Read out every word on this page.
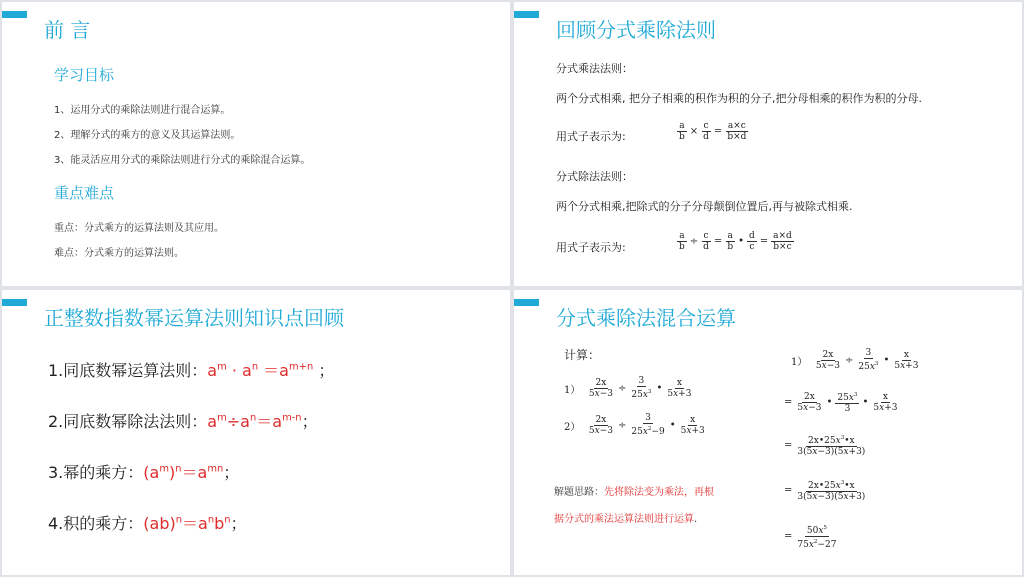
前 言
学习目标
1、运用分式的乘除法则进行混合运算。
2、理解分式的乘方的意义及其运算法则。
3、能灵活应用分式的乘除法则进行分式的乘除混合运算。
重点难点
重点：分式乘方的运算法则及其应用。
难点：分式乘方的运算法则。
回顾分式乘除法则
分式乘法法则：
两个分式相乘, 把分子相乘的积作为积的分子,把分母相乘的积作为积的分母.
用式子表示为:	$\frac{a}{b} \times \frac{c}{d} = \frac{a\times c}{b\times d}$
分式除法法则：
两个分式相乘,把除式的分子分母颠倒位置后,再与被除式相乘.
用式子表示为:	$\frac{a}{b} \div \frac{c}{d} = \frac{a}{b}$ • $\frac{d}{c} = \frac{a\times d}{b\times c}$
正整数指数幂运算法则知识点回顾
1.同底数幂运算法则：$a^m \cdot a^n =a^{m+n}$ ；
2.同底数幂除法法则：$a^m\div a^n=a^{m-n}$；
3.幂的乘方：$(a^m)^n=a^{mn}$；
4.积的乘方：$(ab)^n=a^nb^n$；
分式乘除法混合运算
计算：
$1) \frac{2x}{5x-3} \div \frac{3}{25x^3}$ • $\frac{x}{5x+3}$
$2) \frac{2x}{5x-3} \div \frac{3}{25x^2-9}$ • $\frac{x}{5x+3}$
解题思路：先将除法变为乘法，再根
据分式的乘法运算法则进行运算.
$1) \frac{2x}{5x-3} \div \frac{3}{25x^3}$ • $\frac{x}{5x+3}$
= $\frac{2x}{5x-3}$ • $\frac{25x^3}{3}$ • $\frac{x}{5x+3}$
= $\frac{2x•25x^3•x}{3(5x-3)(5x+3)}$
= $\frac{2x•25x^3•x}{3(5x-3)(5x+3)}$
= $\frac{50x^5}{75x^2-27}$
